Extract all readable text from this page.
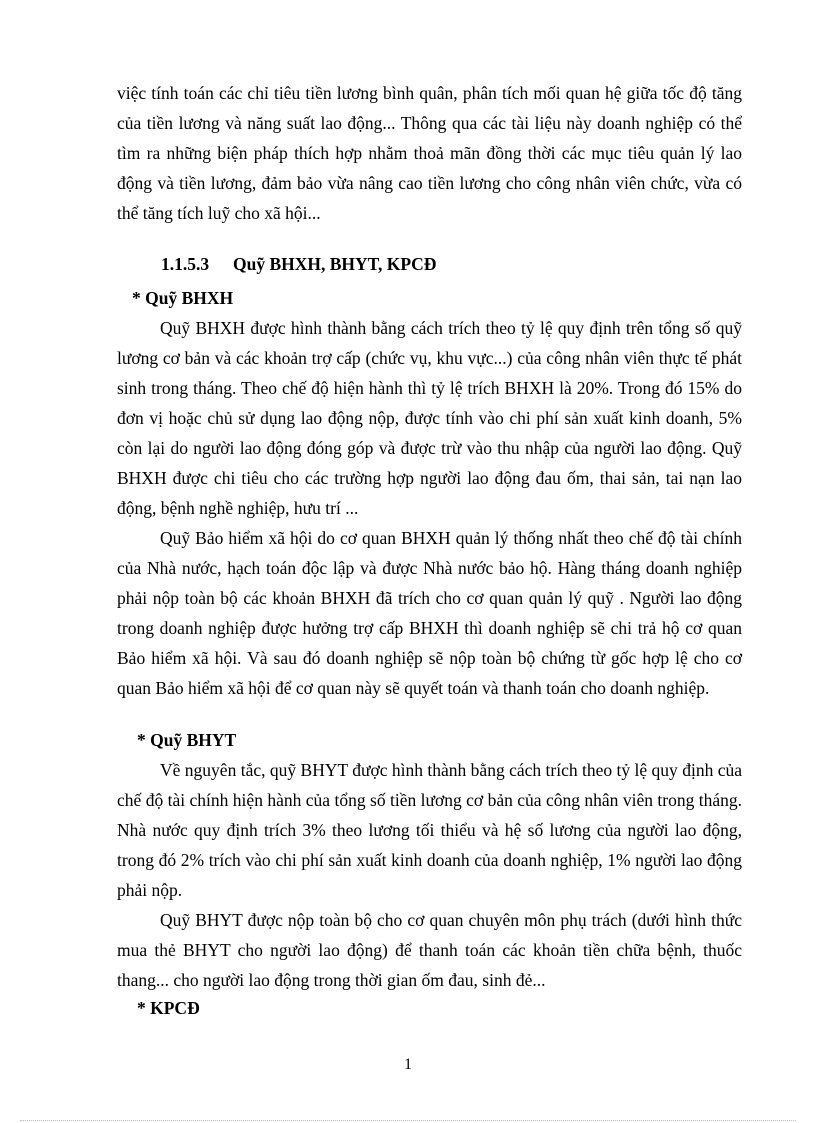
việc tính toán các chỉ tiêu tiền lương bình quân, phân tích mối quan hệ giữa tốc độ tăng của tiền lương và năng suất lao động... Thông qua các tài liệu này doanh nghiệp có thể tìm ra những biện pháp thích hợp nhằm thoả mãn đồng thời các mục tiêu quản lý lao động và tiền lương, đảm bảo vừa nâng cao tiền lương cho công nhân viên chức, vừa có thể tăng tích luỹ cho xã hội...

1.1.5.3 Quỹ BHXH, BHYT, KPCĐ

* Quỹ BHXH

Quỹ BHXH được hình thành bằng cách trích theo tỷ lệ quy định trên tổng số quỹ lương cơ bản và các khoản trợ cấp (chức vụ, khu vực...) của công nhân viên thực tế phát sinh trong tháng. Theo chế độ hiện hành thì tỷ lệ trích BHXH là 20%. Trong đó 15% do đơn vị hoặc chủ sử dụng lao động nộp, được tính vào chi phí sản xuất kinh doanh, 5% còn lại do người lao động đóng góp và được trừ vào thu nhập của người lao động. Quỹ BHXH được chi tiêu cho các trường hợp người lao động đau ốm, thai sản, tai nạn lao động, bệnh nghề nghiệp, hưu trí ...

Quỹ Bảo hiểm xã hội do cơ quan BHXH quản lý thống nhất theo chế độ tài chính của Nhà nước, hạch toán độc lập và được Nhà nước bảo hộ. Hàng tháng doanh nghiệp phải nộp toàn bộ các khoản BHXH đã trích cho cơ quan quản lý quỹ . Người lao động trong doanh nghiệp được hưởng trợ cấp BHXH thì doanh nghiệp sẽ chi trả hộ cơ quan Bảo hiểm xã hội. Và sau đó doanh nghiệp sẽ nộp toàn bộ chứng từ gốc hợp lệ cho cơ quan Bảo hiểm xã hội để cơ quan này sẽ quyết toán và thanh toán cho doanh nghiệp.

* Quỹ BHYT

Về nguyên tắc, quỹ BHYT được hình thành bằng cách trích theo tỷ lệ quy định của chế độ tài chính hiện hành của tổng số tiền lương cơ bản của công nhân viên trong tháng. Nhà nước quy định trích 3% theo lương tối thiểu và hệ số lương của người lao động, trong đó 2% trích vào chi phí sản xuất kinh doanh của doanh nghiệp, 1% người lao động phải nộp.

Quỹ BHYT được nộp toàn bộ cho cơ quan chuyên môn phụ trách (dưới hình thức mua thẻ BHYT cho người lao động) để thanh toán các khoản tiền chữa bệnh, thuốc thang... cho người lao động trong thời gian ốm đau, sinh đẻ...

* KPCĐ

1
